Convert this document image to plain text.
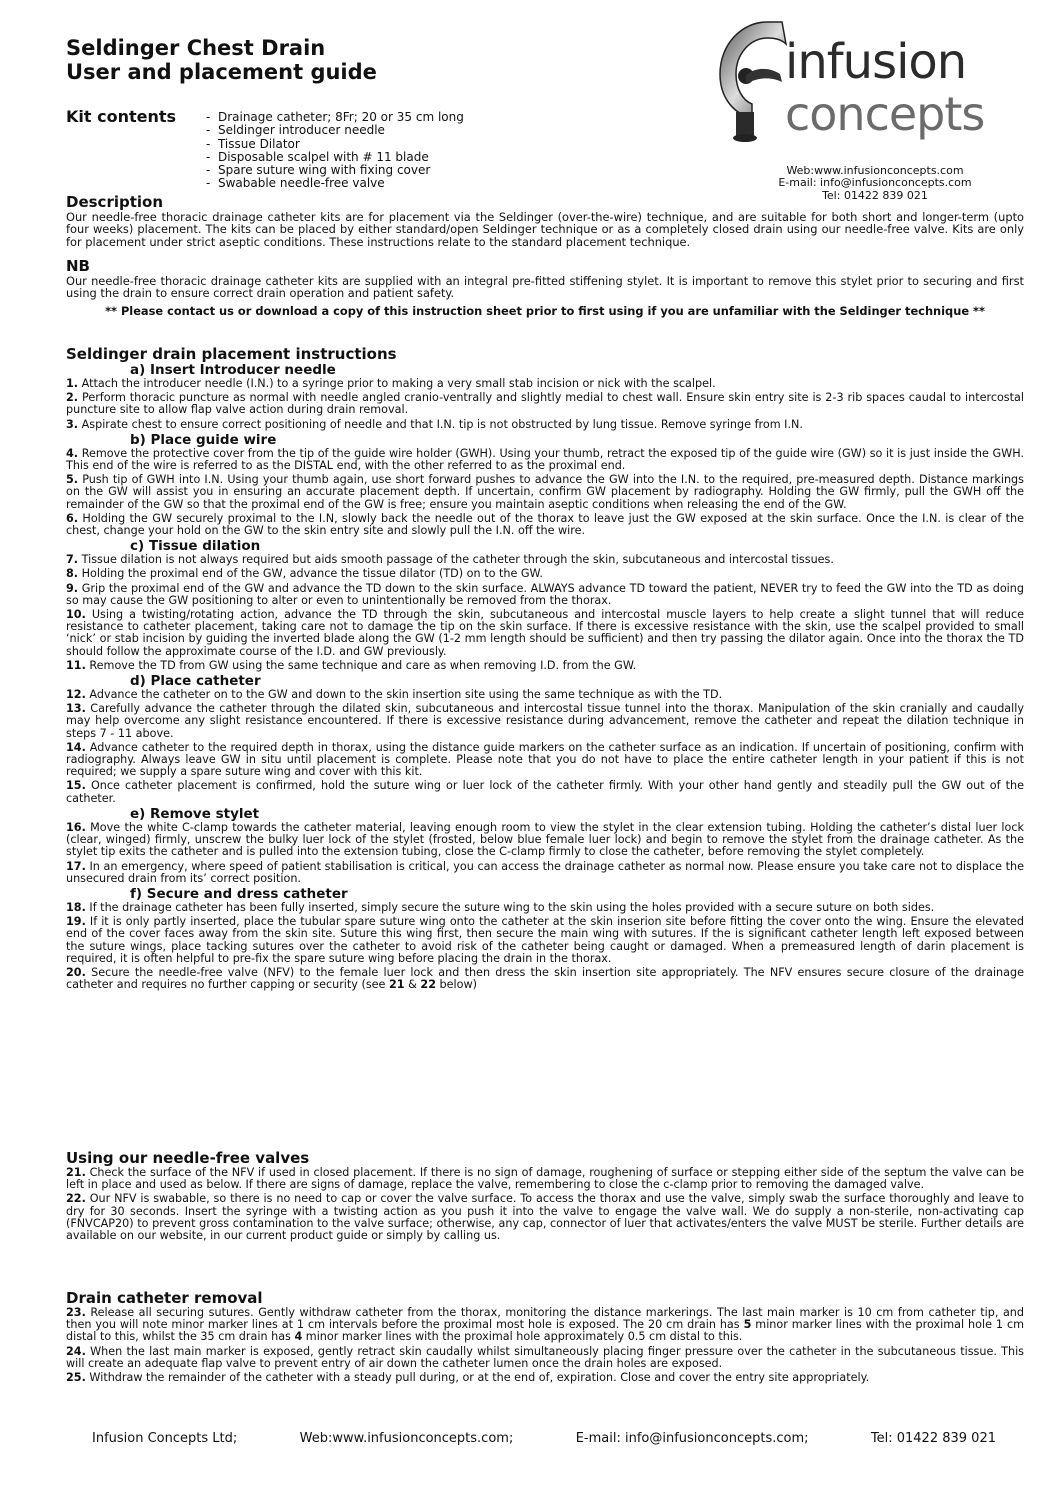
Seldinger Chest Drain
User and placement guide
Kit contents
-	Drainage catheter; 8Fr; 20 or 35 cm long
- Seldinger introducer needle
- Tissue Dilator
- Disposable scalpel with # 11 blade
- Spare suture wing with fixing cover
- Swabable needle-free valve
infusion
concepts
Web:www.infusionconcepts.com
E-mail: info@infusionconcepts.com
Tel: 01422 839 021
Description
Our needle-free thoracic drainage catheter kits are for placement via the Seldinger (over-the-wire) technique, and are suitable for both short and longer-term (upto four weeks) placement. The kits can be placed by either standard/open Seldinger technique or as a completely closed drain using our needle-free valve. Kits are only for placement under strict aseptic conditions. These instructions relate to the standard placement technique.
NB
Our needle-free thoracic drainage catheter kits are supplied with an integral pre-fitted stiffening stylet. It is important to remove this stylet prior to securing and first using the drain to ensure correct drain operation and patient safety.
** Please contact us or download a copy of this instruction sheet prior to first using if you are unfamiliar with the Seldinger technique **
Seldinger drain placement instructions
a) Insert Introducer needle
1. Attach the introducer needle (I.N.) to a syringe prior to making a very small stab incision or nick with the scalpel.
2. Perform thoracic puncture as normal with needle angled cranio-ventrally and slightly medial to chest wall. Ensure skin entry site is 2-3 rib spaces caudal to intercostal puncture site to allow flap valve action during drain removal.
3. Aspirate chest to ensure correct positioning of needle and that I.N. tip is not obstructed by lung tissue. Remove syringe from I.N.
b) Place guide wire
4. Remove the protective cover from the tip of the guide wire holder (GWH). Using your thumb, retract the exposed tip of the guide wire (GW) so it is just inside the GWH. This end of the wire is referred to as the DISTAL end, with the other referred to as the proximal end.
5. Push tip of GWH into I.N. Using your thumb again, use short forward pushes to advance the GW into the I.N. to the required, pre-measured depth. Distance markings on the GW will assist you in ensuring an accurate placement depth. If uncertain, confirm GW placement by radiography. Holding the GW firmly, pull the GWH off the remainder of the GW so that the proximal end of the GW is free; ensure you maintain aseptic conditions when releasing the end of the GW.
6. Holding the GW securely proximal to the I.N, slowly back the needle out of the thorax to leave just the GW exposed at the skin surface. Once the I.N. is clear of the chest, change your hold on the GW to the skin entry site and slowly pull the I.N. off the wire.
c) Tissue dilation
7. Tissue dilation is not always required but aids smooth passage of the catheter through the skin, subcutaneous and intercostal tissues.
8. Holding the proximal end of the GW, advance the tissue dilator (TD) on to the GW.
9. Grip the proximal end of the GW and advance the TD down to the skin surface. ALWAYS advance TD toward the patient, NEVER try to feed the GW into the TD as doing so may cause the GW positioning to alter or even to unintentionally be removed from the thorax.
10. Using a twisting/rotating action, advance the TD through the skin, subcutaneous and intercostal muscle layers to help create a slight tunnel that will reduce resistance to catheter placement, taking care not to damage the tip on the skin surface. If there is excessive resistance with the skin, use the scalpel provided to small ‘nick’ or stab incision by guiding the inverted blade along the GW (1-2 mm length should be sufficient) and then try passing the dilator again. Once into the thorax the TD should follow the approximate course of the I.D. and GW previously.
11. Remove the TD from GW using the same technique and care as when removing I.D. from the GW.
d) Place catheter
12. Advance the catheter on to the GW and down to the skin insertion site using the same technique as with the TD.
13. Carefully advance the catheter through the dilated skin, subcutaneous and intercostal tissue tunnel into the thorax. Manipulation of the skin cranially and caudally may help overcome any slight resistance encountered. If there is excessive resistance during advancement, remove the catheter and repeat the dilation technique in steps 7 - 11 above.
14. Advance catheter to the required depth in thorax, using the distance guide markers on the catheter surface as an indication. If uncertain of positioning, confirm with radiography. Always leave GW in situ until placement is complete. Please note that you do not have to place the entire catheter length in your patient if this is not required; we supply a spare suture wing and cover with this kit.
15. Once catheter placement is confirmed, hold the suture wing or luer lock of the catheter firmly. With your other hand gently and steadily pull the GW out of the catheter.
e) Remove stylet
16. Move the white C-clamp towards the catheter material, leaving enough room to view the stylet in the clear extension tubing. Holding the catheter’s distal luer lock (clear, winged) firmly, unscrew the bulky luer lock of the stylet (frosted, below blue female luer lock) and begin to remove the stylet from the drainage catheter. As the stylet tip exits the catheter and is pulled into the extension tubing, close the C-clamp firmly to close the catheter, before removing the stylet completely.
17. In an emergency, where speed of patient stabilisation is critical, you can access the drainage catheter as normal now. Please ensure you take care not to displace the unsecured drain from its’ correct position.
f) Secure and dress catheter
18. If the drainage catheter has been fully inserted, simply secure the suture wing to the skin using the holes provided with a secure suture on both sides.
19. If it is only partly inserted, place the tubular spare suture wing onto the catheter at the skin inserion site before fitting the cover onto the wing. Ensure the elevated end of the cover faces away from the skin site. Suture this wing first, then secure the main wing with sutures. If the is significant catheter length left exposed between the suture wings, place tacking sutures over the catheter to avoid risk of the catheter being caught or damaged. When a premeasured length of darin placement is required, it is often helpful to pre-fix the spare suture wing before placing the drain in the thorax.
20. Secure the needle-free valve (NFV) to the female luer lock and then dress the skin insertion site appropriately. The NFV ensures secure closure of the drainage catheter and requires no further capping or security (see 21 & 22 below)
Using our needle-free valves
21. Check the surface of the NFV if used in closed placement. If there is no sign of damage, roughening of surface or stepping either side of the septum the valve can be left in place and used as below. If there are signs of damage, replace the valve, remembering to close the c-clamp prior to removing the damaged valve.
22. Our NFV is swabable, so there is no need to cap or cover the valve surface. To access the thorax and use the valve, simply swab the surface thoroughly and leave to dry for 30 seconds. Insert the syringe with a twisting action as you push it into the valve to engage the valve wall. We do supply a non-sterile, non-activating cap (FNVCAP20) to prevent gross contamination to the valve surface; otherwise, any cap, connector of luer that activates/enters the valve MUST be sterile. Further details are available on our website, in our current product guide or simply by calling us.
Drain catheter removal
23. Release all securing sutures. Gently withdraw catheter from the thorax, monitoring the distance markerings. The last main marker is 10 cm from catheter tip, and then you will note minor marker lines at 1 cm intervals before the proximal most hole is exposed. The 20 cm drain has 5 minor marker lines with the proximal hole 1 cm distal to this, whilst the 35 cm drain has 4 minor marker lines with the proximal hole approximately 0.5 cm distal to this.
24. When the last main marker is exposed, gently retract skin caudally whilst simultaneously placing finger pressure over the catheter in the subcutaneous tissue. This will create an adequate flap valve to prevent entry of air down the catheter lumen once the drain holes are exposed.
25. Withdraw the remainder of the catheter with a steady pull during, or at the end of, expiration. Close and cover the entry site appropriately.
Infusion Concepts Ltd;	Web:www.infusionconcepts.com;	E-mail: info@infusionconcepts.com;	Tel: 01422 839 021
